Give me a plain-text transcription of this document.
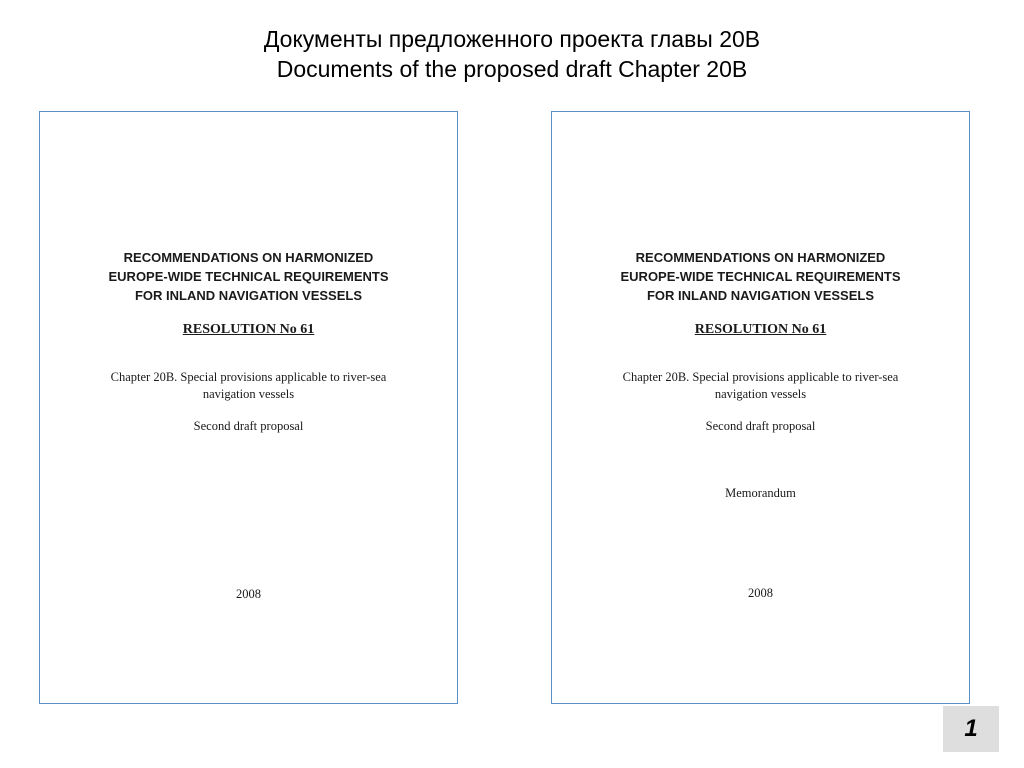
Документы предложенного проекта главы 20В
Documents of the proposed draft Chapter 20B
RECOMMENDATIONS ON HARMONIZED
EUROPE-WIDE TECHNICAL REQUIREMENTS
FOR INLAND NAVIGATION VESSELS
RESOLUTION No 61
Chapter 20B. Special provisions applicable to river-sea
navigation vessels
Second draft proposal
2008
RECOMMENDATIONS ON HARMONIZED
EUROPE-WIDE TECHNICAL REQUIREMENTS
FOR INLAND NAVIGATION VESSELS
RESOLUTION No 61
Chapter 20B. Special provisions applicable to river-sea
navigation vessels
Second draft proposal
Memorandum
2008
1
